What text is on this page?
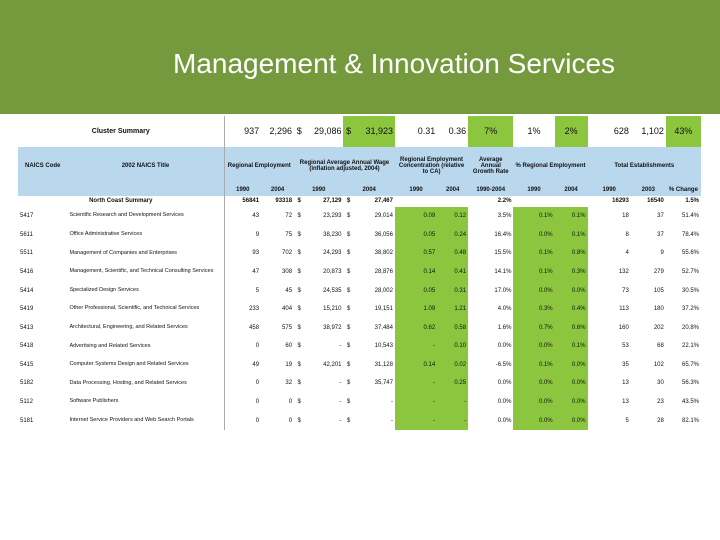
Management & Innovation Services
Cluster Summary		937	2,296	$	29,086	$	31,923	0.31	0.36	7%	1%	2%	628	1,102	43%
NAICS Code	2002 NAICS Title	Regional Employment		Regional Average Annual Wage (inflation adjusted, 2004)				Regional Employment Concentration (relative to CA)		Average Annual Growth Rate	% Regional Employment		Total Establishments		
		1990	2004	1990		2004		1990	2004	1990-2004	1990	2004	1990	2003	% Change
North Coast Summary		56841	93318	$	27,129	$	27,467			2.2%			16293	16540	1.5%
5417	Scientific Research and Development Services	43	72	$	23,293	$	29,014	0.09	0.12	3.5%	0.1%	0.1%	18	37	51.4%
5611	Office Administrative Services	9	75	$	38,230	$	36,056	0.05	0.24	16.4%	0.0%	0.1%	8	37	78.4%
5511	Management of Companies and Enterprises	93	702	$	24,293	$	38,802	0.57	0.48	15.5%	0.1%	0.8%	4	9	55.6%
5416	Management, Scientific, and Technical Consulting Services	47	308	$	20,873	$	28,876	0.14	0.41	14.1%	0.1%	0.3%	132	279	52.7%
5414	Specialized Design Services	5	45	$	24,535	$	28,002	0.05	0.31	17.0%	0.0%	0.0%	73	105	30.5%
5419	Other Professional, Scientific, and Technical Services	233	404	$	15,210	$	19,151	1.09	1.21	4.0%	0.3%	0.4%	113	180	37.2%
5413	Architectural, Engineering, and Related Services	458	575	$	38,972	$	37,484	0.62	0.58	1.6%	0.7%	0.6%	160	202	20.8%
5418	Advertising and Related Services	0	60	$	-	$	10,543	-	0.10	0.0%	0.0%	0.1%	53	68	22.1%
5415	Computer Systems Design and Related Services	49	19	$	42,201	$	31,128	0.14	0.02	-6.5%	0.1%	0.0%	35	102	65.7%
5182	Data Processing, Hosting, and Related Services	0	32	$	-	$	35,747	-	0.25	0.0%	0.0%	0.0%	13	30	56.3%
5112	Software Publishers	0	0	$	-	$	-	-	-	0.0%	0.0%	0.0%	13	23	43.5%
5181	Internet Service Providers and Web Search Portals	0	0	$	-	$	-	-	-	0.0%	0.0%	0.0%	5	28	82.1%
